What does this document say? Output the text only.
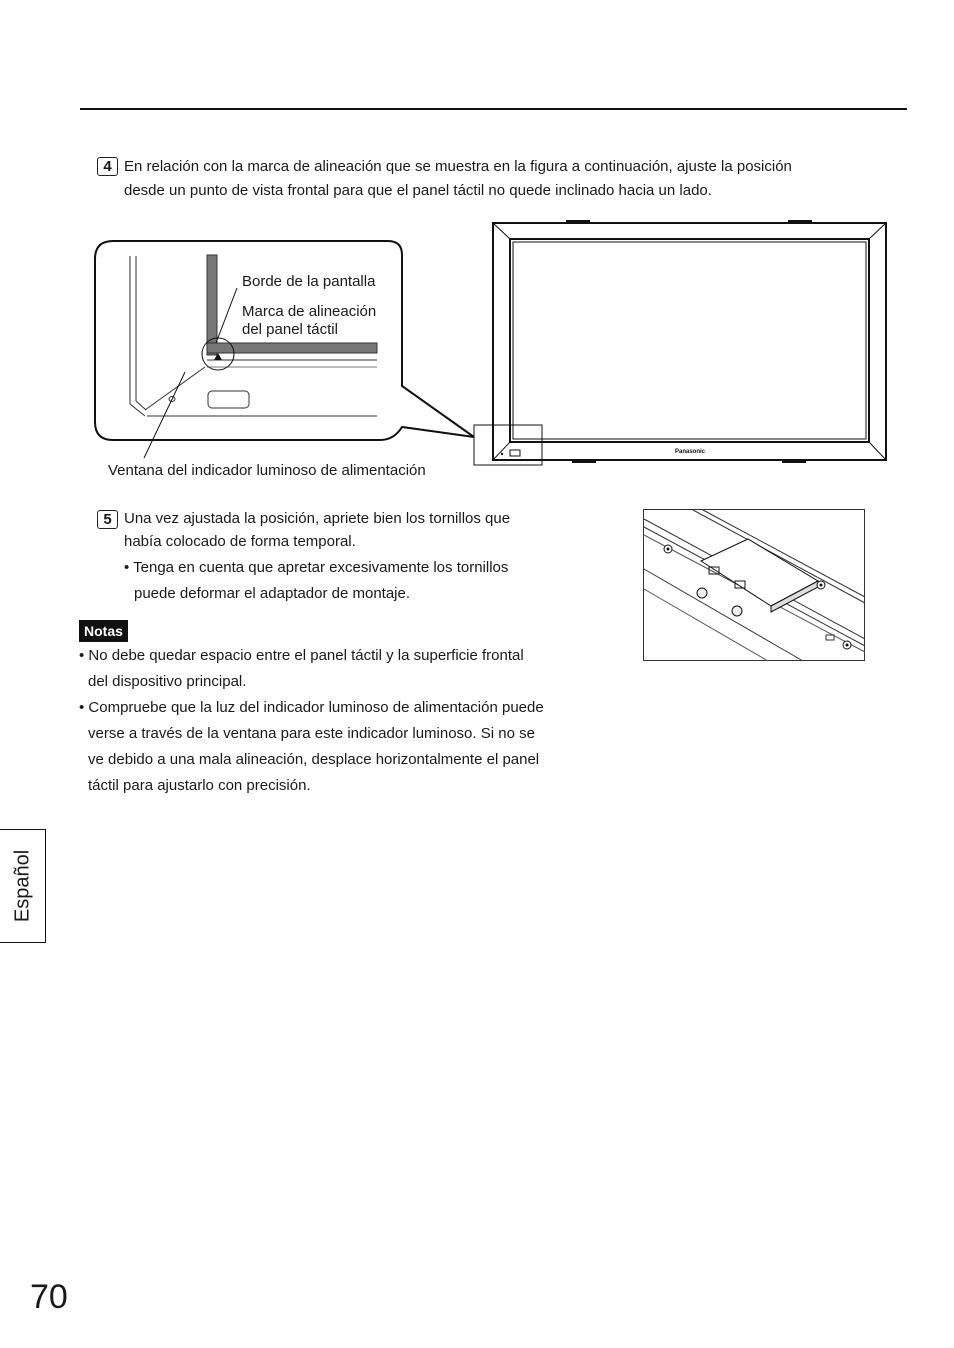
4 En relación con la marca de alineación que se muestra en la figura a continuación, ajuste la posición
desde un punto de vista frontal para que el panel táctil no quede inclinado hacia un lado.
Borde de la pantalla
Marca de alineación
del panel táctil
Ventana del indicador luminoso de alimentación
Panasonic
5 Una vez ajustada la posición, apriete bien los tornillos que
había colocado de forma temporal.
• Tenga en cuenta que apretar excesivamente los tornillos
puede deformar el adaptador de montaje.
Notas
• No debe quedar espacio entre el panel táctil y la superficie frontal
del dispositivo principal.
• Compruebe que la luz del indicador luminoso de alimentación puede
verse a través de la ventana para este indicador luminoso. Si no se
ve debido a una mala alineación, desplace horizontalmente el panel
táctil para ajustarlo con precisión.
Español
70
